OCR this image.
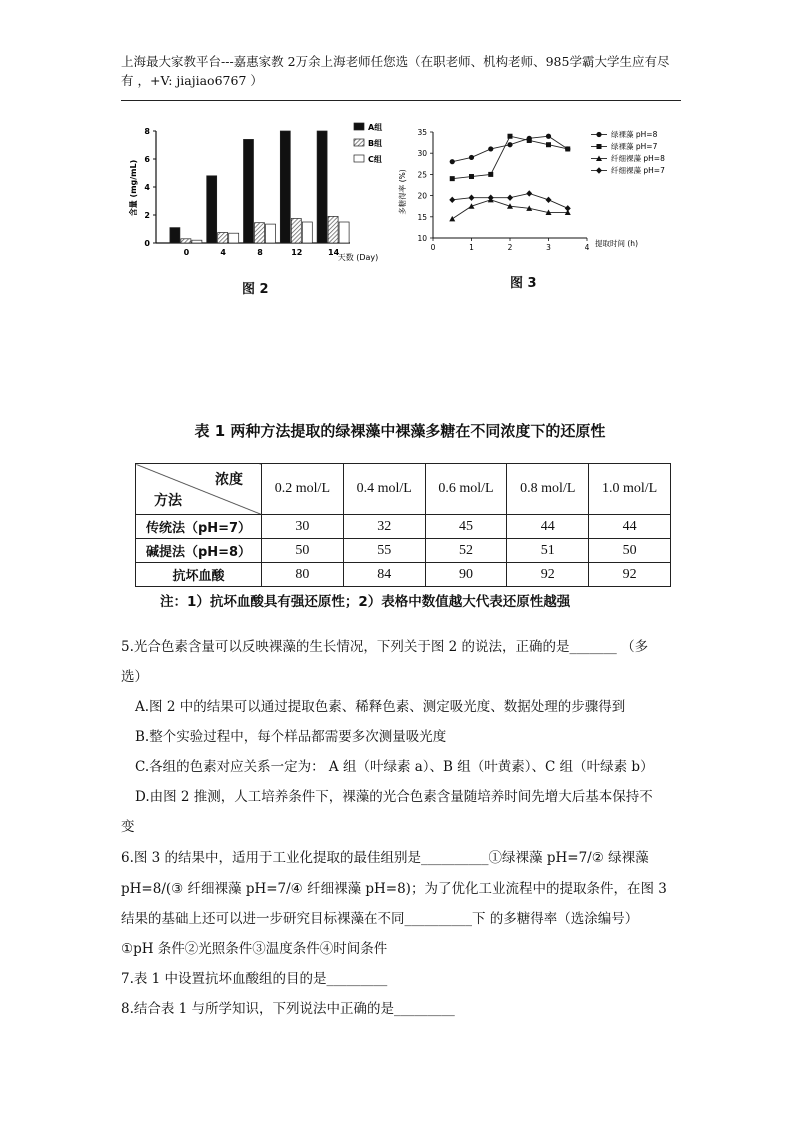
上海最大家教平台---嘉惠家教 2万余上海老师任您选（在职老师、机构老师、985学霸大学生应有尽
有 ，+V: jiajiao6767 ）
含量 (mg/mL)
0
2
4
6
8
0	4	8	12	14
A组
B组
C组
天数 (Day)
图 2
多糖得率 (%)
10
15
20
25
30
35
0	1	2	3	4
绿裸藻 pH=8
绿裸藻 pH=7
纤细裸藻 pH=8
纤细裸藻 pH=7
提取时间 (h)
图 3
表 1 两种方法提取的绿裸藻中裸藻多糖在不同浓度下的还原性
浓度
方法	0.2 mol/L	0.4 mol/L	0.6 mol/L	0.8 mol/L	1.0 mol/L
传统法（pH=7）	30	32	45	44	44
碱提法（pH=8）	50	55	52	51	50
抗坏血酸	80	84	90	92	92
注：1）抗坏血酸具有强还原性；2）表格中数值越大代表还原性越强
5.光合色素含量可以反映裸藻的生长情况，下列关于图 2 的说法，正确的是_______ （多
选）
A.图 2 中的结果可以通过提取色素、稀释色素、测定吸光度、数据处理的步骤得到
B.整个实验过程中，每个样品都需要多次测量吸光度
C.各组的色素对应关系一定为： A 组（叶绿素 a）、B 组（叶黄素）、C 组（叶绿素 b）
D.由图 2 推测，人工培养条件下，裸藻的光合色素含量随培养时间先增大后基本保持不
变
6.图 3 的结果中，适用于工业化提取的最佳组别是__________①绿裸藻 pH=7/② 绿裸藻
pH=8/(③ 纤细裸藻 pH=7/④ 纤细裸藻 pH=8)；为了优化工业流程中的提取条件，在图 3
结果的基础上还可以进一步研究目标裸藻在不同__________下 的多糖得率（选涂编号）
①pH 条件②光照条件③温度条件④时间条件
7.表 1 中设置抗坏血酸组的目的是_________
8.结合表 1 与所学知识，下列说法中正确的是_________
